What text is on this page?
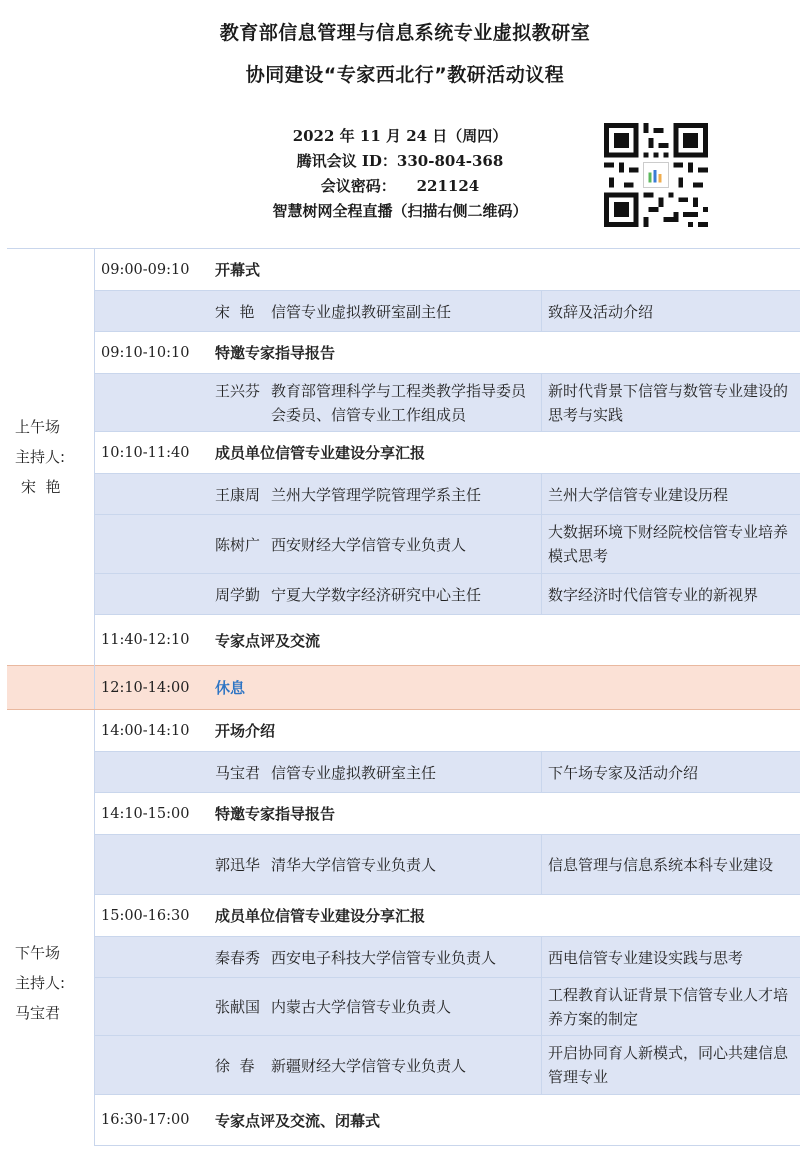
教育部信息管理与信息系统专业虚拟教研室
协同建设“专家西北行”教研活动议程
2022 年 11 月 24 日（周四）
腾讯会议 ID：330-804-368
会议密码：    221124
智慧树网全程直播（扫描右侧二维码）
上午场
主持人:
宋  艳	09:00-09:10	开幕式	
		宋  艳 信管专业虚拟教研室副主任	致辞及活动介绍
	09:10-10:10	特邀专家指导报告	
		王兴芬 教育部管理科学与工程类教学指导委员会委员、信管专业工作组成员	新时代背景下信管与数管专业建设的思考与实践
	10:10-11:40	成员单位信管专业建设分享汇报	
		王康周 兰州大学管理学院管理学系主任	兰州大学信管专业建设历程
		陈树广 西安财经大学信管专业负责人	大数据环境下财经院校信管专业培养模式思考
		周学勤 宁夏大学数字经济研究中心主任	数字经济时代信管专业的新视界
	11:40-12:10	专家点评及交流	
	12:10-14:00	休息	

下午场
主持人:
马宝君	14:00-14:10	开场介绍	
		马宝君 信管专业虚拟教研室主任	下午场专家及活动介绍
	14:10-15:00	特邀专家指导报告	
		郭迅华 清华大学信管专业负责人	信息管理与信息系统本科专业建设
	15:00-16:30	成员单位信管专业建设分享汇报	
		秦春秀 西安电子科技大学信管专业负责人	西电信管专业建设实践与思考
		张献国 内蒙古大学信管专业负责人	工程教育认证背景下信管专业人才培养方案的制定
		徐  春 新疆财经大学信管专业负责人	开启协同育人新模式，同心共建信息管理专业
	16:30-17:00	专家点评及交流、闭幕式	
